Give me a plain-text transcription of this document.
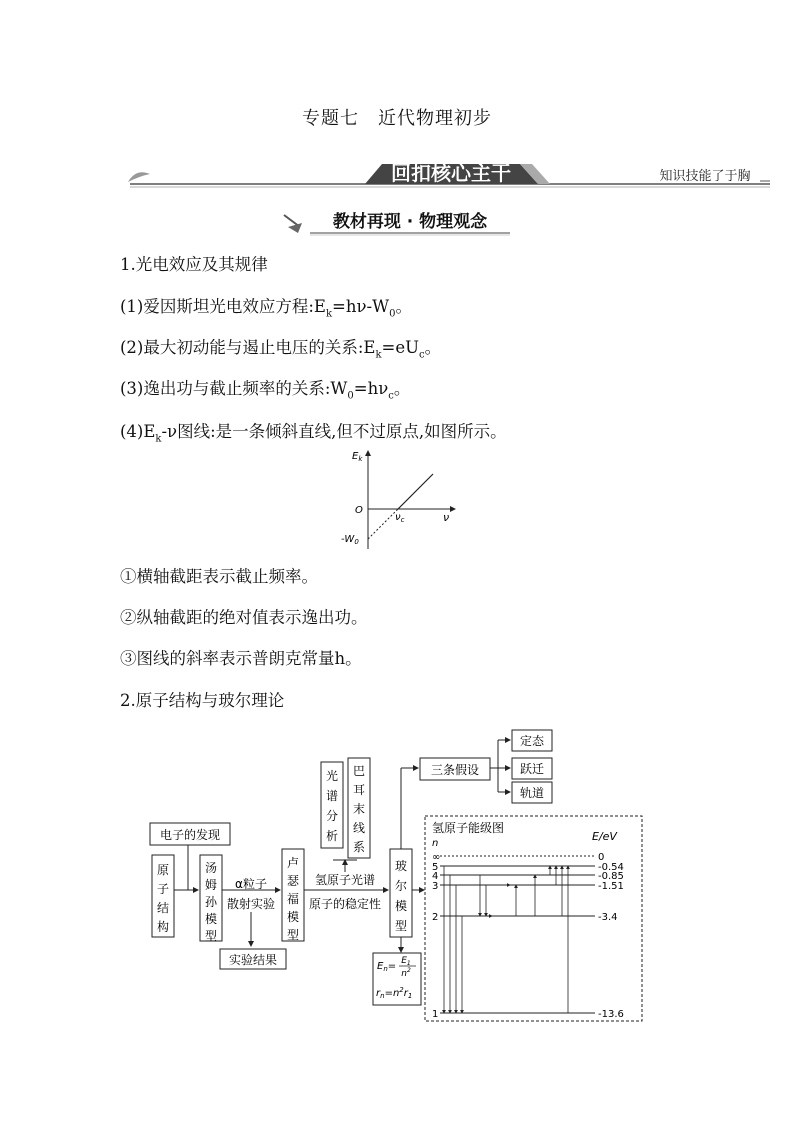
专题七　近代物理初步
回扣核心主干	知识技能了于胸
教材再现 · 物理观念
1.光电效应及其规律
(1)爱因斯坦光电效应方程$:E_k=h\nu-W_0$。
(2)最大初动能与遏止电压的关系$:E_k=eU_c$。
(3)逸出功与截止频率的关系$:W_0=h\nu_c$。
$(4)E_k-\nu$图线:是一条倾斜直线,但不过原点,如图所示。
$E_k$
O
ν
$\nu_c$
$-W_0$
①横轴截距表示截止频率。
②纵轴截距的绝对值表示逸出功。
③图线的斜率表示普朗克常量h。
2.原子结构与玻尔理论
电子的发现
α粒子
散射实验
实验结果
氢原子光谱
原子的稳定性
三条假设
定态
跃迁
轨道
$E_n= E_1$
$n^2$
$r_n=n^2r_1$
氢原子能级图
n
E/eV
∞	0
5	-0.54
4	-0.85
3	-1.51
2	-3.4
1	-13.6
原
子
结
构
汤
姆
孙
模
型
卢
瑟
福
模
型
光
谱
分
析
巴
耳
末
线
系
玻
尔
模
型
